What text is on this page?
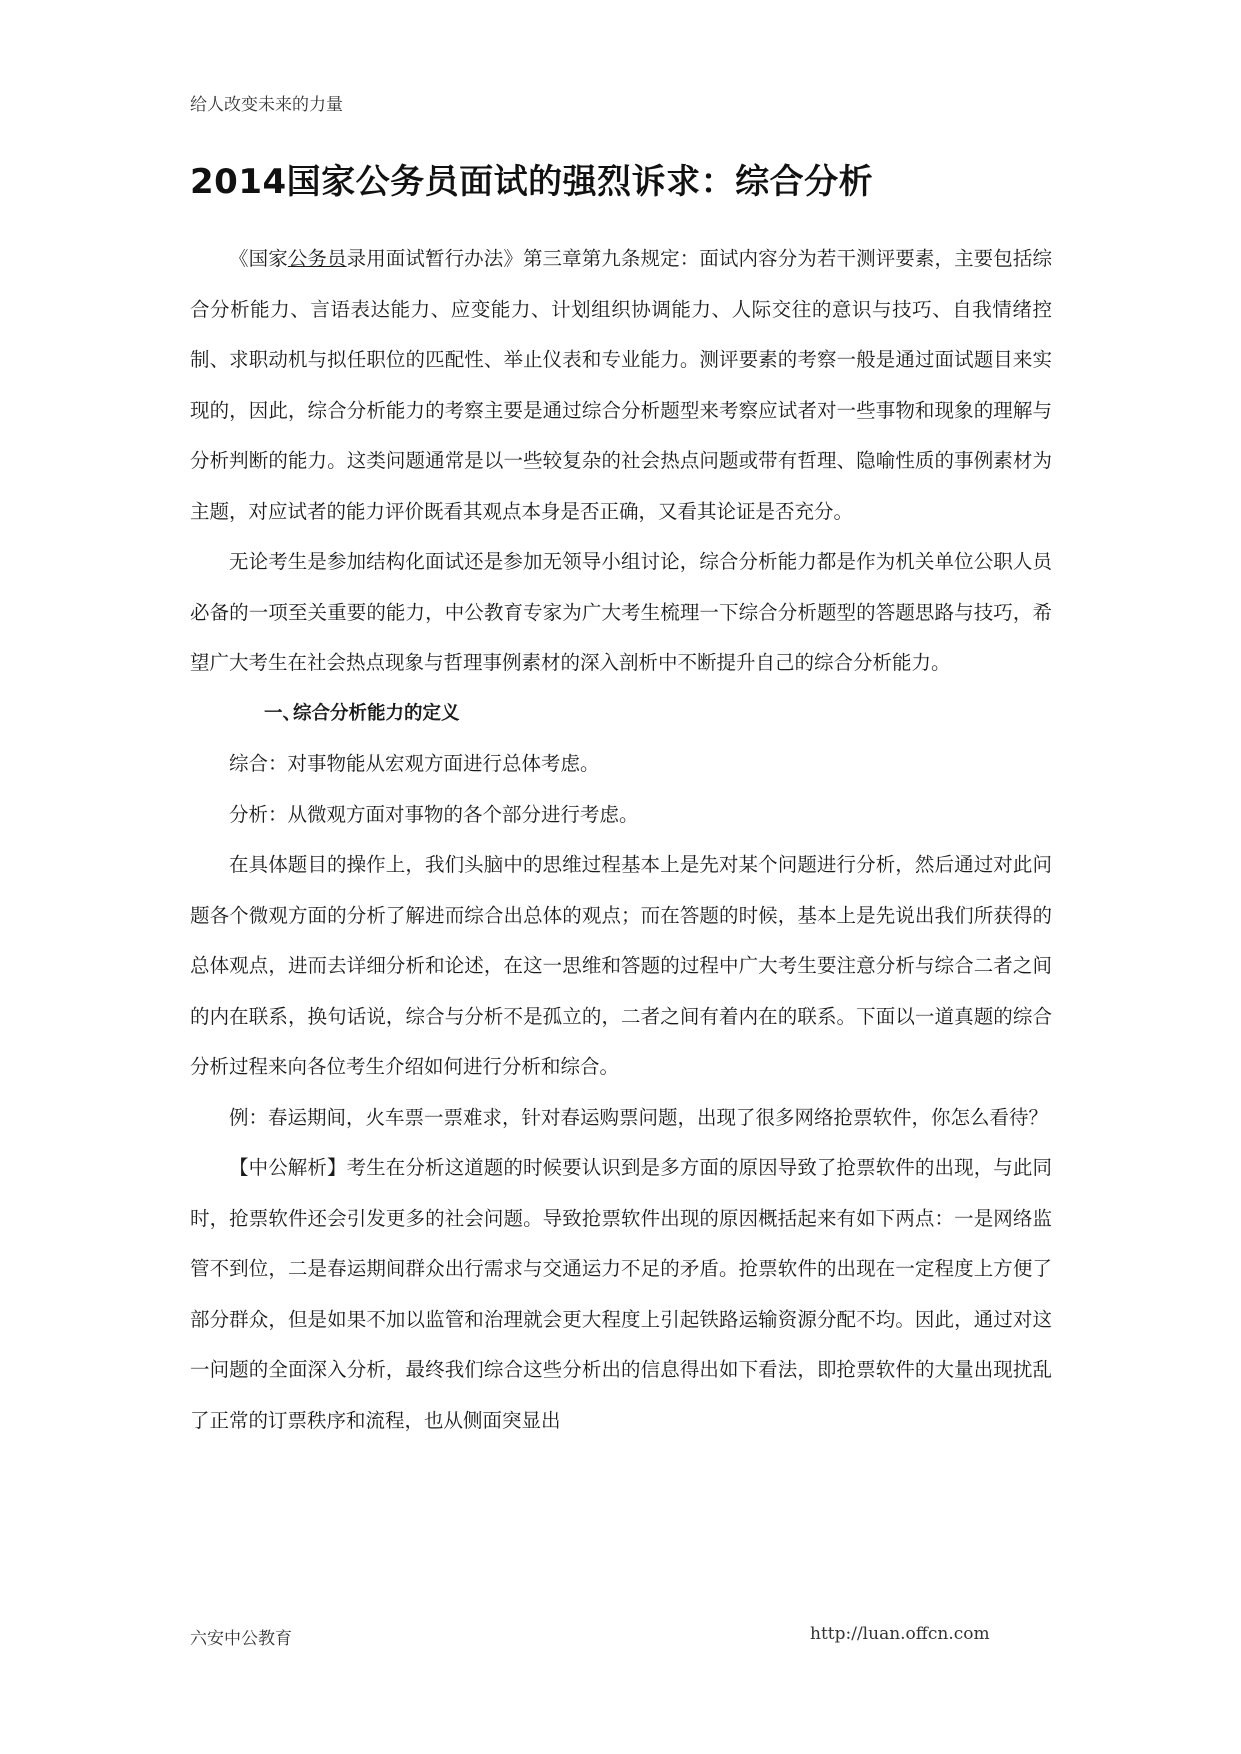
给人改变未来的力量
2014国家公务员面试的强烈诉求：综合分析

《国家公务员录用面试暂行办法》第三章第九条规定：面试内容分为若干测评要素，主要包括综合分析能力、言语表达能力、应变能力、计划组织协调能力、人际交往的意识与技巧、自我情绪控制、求职动机与拟任职位的匹配性、举止仪表和专业能力。测评要素的考察一般是通过面试题目来实现的，因此，综合分析能力的考察主要是通过综合分析题型来考察应试者对一些事物和现象的理解与分析判断的能力。这类问题通常是以一些较复杂的社会热点问题或带有哲理、隐喻性质的事例素材为主题，对应试者的能力评价既看其观点本身是否正确，又看其论证是否充分。

无论考生是参加结构化面试还是参加无领导小组讨论，综合分析能力都是作为机关单位公职人员必备的一项至关重要的能力，中公教育专家为广大考生梳理一下综合分析题型的答题思路与技巧，希望广大考生在社会热点现象与哲理事例素材的深入剖析中不断提升自己的综合分析能力。

一、综合分析能力的定义

综合：对事物能从宏观方面进行总体考虑。

分析：从微观方面对事物的各个部分进行考虑。

在具体题目的操作上，我们头脑中的思维过程基本上是先对某个问题进行分析，然后通过对此问题各个微观方面的分析了解进而综合出总体的观点；而在答题的时候，基本上是先说出我们所获得的总体观点，进而去详细分析和论述，在这一思维和答题的过程中广大考生要注意分析与综合二者之间的内在联系，换句话说，综合与分析不是孤立的，二者之间有着内在的联系。下面以一道真题的综合分析过程来向各位考生介绍如何进行分析和综合。

例：春运期间，火车票一票难求，针对春运购票问题，出现了很多网络抢票软件，你怎么看待？

【中公解析】考生在分析这道题的时候要认识到是多方面的原因导致了抢票软件的出现，与此同时，抢票软件还会引发更多的社会问题。导致抢票软件出现的原因概括起来有如下两点：一是网络监管不到位，二是春运期间群众出行需求与交通运力不足的矛盾。抢票软件的出现在一定程度上方便了部分群众，但是如果不加以监管和治理就会更大程度上引起铁路运输资源分配不均。因此，通过对这一问题的全面深入分析，最终我们综合这些分析出的信息得出如下看法，即抢票软件的大量出现扰乱了正常的订票秩序和流程，也从侧面突显出

六安中公教育	http://luan.offcn.com
